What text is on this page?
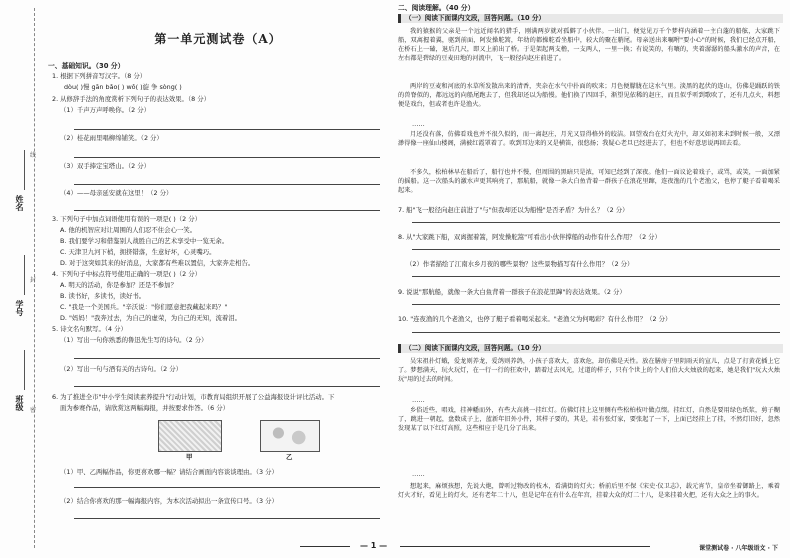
姓名
学号
班级
线
封
密
第一单元测试卷（A）
一、基础知识。（30 分）
1. 根据下列拼音写汉字。（8 分）
dòu( )慢 gān bǎo( ) wǒ( )旋 争 sòng( )
2. 从修辞手法的角度赏析下列句子的表达效果。（8 分）
（1）千声万声呼唤你。（2 分）
（2）桂花雨里唱柳绵铺笑。（2 分）
（3）双手捧定宝塔山。（2 分）
（4）——母亲延安就在这里！（2 分）
3. 下列句子中加点词语使用有误的一项是( )（2 分）
A. 他的机智应对让周围的人们忍不住会心一笑。
B. 我们要学习和借鉴别人战胜自己的艺术享受中一览无余。
C. 天津卫九河下梢，拥挤错落，生意好坏，心灵嘴巧。
D. 对于这突如其来的好消息，大家都有些难以置信，大家奔走相告。
4. 下列句子中标点符号使用正确的一项是( )（2 分）
A. 明天的活动，你是参加？还是不参加？
B. 读书好，多读书，读好书。
C. "我是一个美国兵。"辛沃说："你们愿意把我藏起来吗？"
D. "妈妈！"我奔过去，为自己的虚荣，为自己的无知，流着泪。
5. 诗文名句默写。（4 分）
（1）写出一句你熟悉的鲁迅先生写的诗句。（2 分）
（2）写出一句与酒有关的古诗句。（2 分）
6. 为了推进全市"中小学生阅读素养提升"行动计划，市教育局组织开展了公益海报设计评比活动。下
面为参赛作品，请欣赏这两幅海报，并按要求作答。（6 分）
甲	乙
（1）甲、乙两幅作品，你更喜欢哪一幅？请结合画面内容谈谈理由。（3 分）
（2）结合你喜欢的那一幅海报内容，为本次活动拟出一条宣传口号。（3 分）
二、阅读理解。（40 分）
（一）阅读下面课内文段，回答问题。（10 分）
我的猿猴的父亲是一个远近闻名的猎手，刚满两岁就对孤僻了小伙伴。一出门，便觉见万千个梦样内涵着一主白蓬的船舷，大家跳下船，双离握着翼，驱到前面，阿发操舵篙，年幼的都操舵看坐船中，较大的聚在艄尾。母亲送出来嘱咐"要小心"的时候，我们已经点开船，在桥石上一磕，退后几尺，即又上前出了桥。于是架起两支橹，一支两人，一里一换；有说笑的，有嚷的，夹着潺潺的船头激水的声音，在左右都是碧绿的豆麦田地的河流中，飞一般径向赵庄前进了。
两岸的豆麦和河底的水草所发散出来的清香，夹杂在水气中扑面的吹来；月色便朦胧在这水气里。淡黑的起伏的连山，仿佛是踊跃的铁的兽脊似的，都远远的向船尾跑去了，但我却还以为船慢。他们换了四回手，渐望见依稀的赵庄，而且似乎听到歌吹了，还有几点火，料想便是戏台，但或者也许是渔火。
……
月还没有落，仿佛看戏也并不很久似的，而一离赵庄，月光又显得格外的皎洁。回望戏台在灯火光中，却又如初来未到时候一般，又漂渺得像一座仙山楼阁，满被红霞罩着了。吹到耳边来的又是横笛，很悠扬；我疑心老旦已经进去了，但也不好意思说再回去看。
不多久，松柏林早在船后了，船行也并不慢，但周围的黑暗只是浓，可知已经到了深夜。他们一面议论着戏子，或骂，或笑，一面加紧的摇船。这一次船头的激水声更其响亮了，那航船，就像一条大白鱼背着一群孩子在浪花里蹿，连夜渔的几个老渔父，也停了艇子看着喝采起来。
7. 船"飞一般径向赵庄前进了"与"但我却还以为船慢"是否矛盾？为什么？（2 分）
8. 从"大家跳下船，双离握着篙，阿发操舵篙"可看出小伙伴撑船的动作有什么作用？（2 分）
（2）作者描绘了江南水乡月夜的哪些景物？这些景物描写有什么作用？（2 分）
9. 说说"那航船，就像一条大白鱼背着一群孩子在浪花里蹿"的表达效果。（2 分）
10. "连夜渔的几个老渔父，也停了艇子看着喝采起来。"老渔父为何喝彩？有什么作用？（2 分）
（二）阅读下面课内文段，回答问题。（10 分）
吴宋祖扑灯蛾，爱龙则养龙，爱鸽则养鸽，小孩子喜欢大，喜欢危，却仿佛是天性。放在膳房子里阴雨天的宣儿，点是了打黄花插上它了。梦想满天，玩火玩灯，在一行一行的狂欢中，踏着过去风光，过道的样子，只有个世上的个人们伯大火烛放的起来，她是我们"玩大火烛玩"用的过去的时间。
……
乡俗近些，唱戏，挂神幡而外，有些大高挑一挂红灯。仿佛灯挂上这里侧有些松柏枝叶做点缀。挂红灯，自然是要用绿色纸浆，剪子糊了，跳进一朝起，盘数成子上，蓝新年旧外小件，其样子要的，其是，若有张灯家，要张起了一下，上面已经挂上了挂，不然灯旧好，忽然发现某了以下红灯高照，这些相应于是几分了出来。
……
想起来，麻烦孩想，先说大炮，曾听过物改的枝木，看满街的灯火；桥前后里不保《宋史·仪卫志》，载元宵节，皇帝坐着御路上，乘着灯火才好，看见上的灯火，还有老年二十八，但是记年在有什么在年宫，挂着大众的灯二十八，是来挂着火把，还有大众之上的事火。
— 1 —	课堂测试卷 · 八年级语文 · 下
